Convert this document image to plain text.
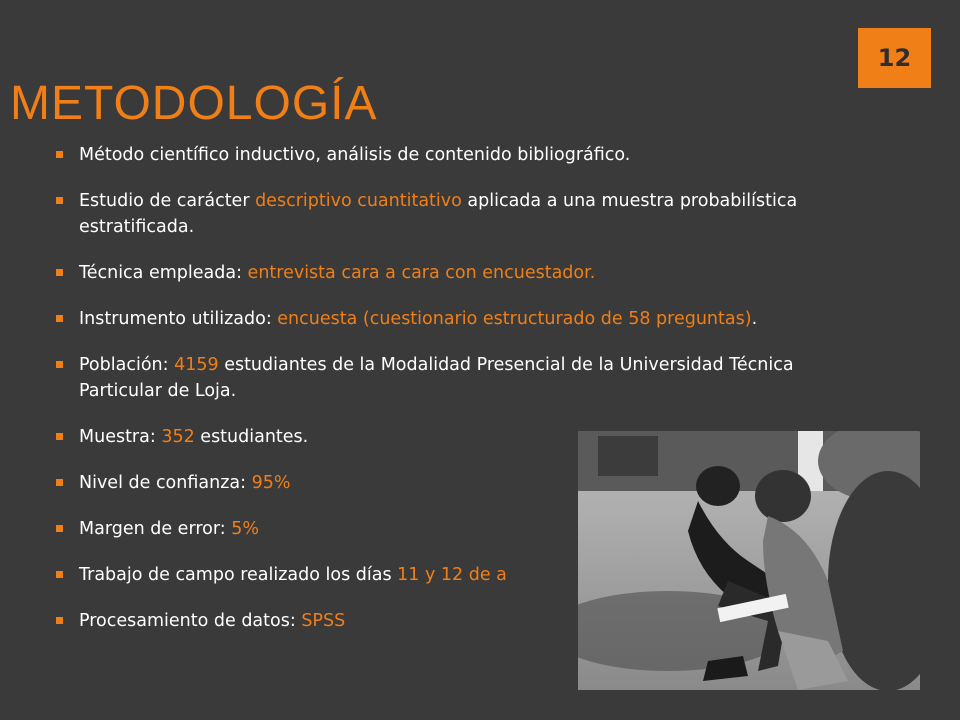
12
METODOLOGÍA
Método científico inductivo, análisis de contenido bibliográfico.
Estudio de carácter descriptivo cuantitativo aplicada a una muestra probabilística estratificada.
Técnica empleada: entrevista cara a cara con encuestador.
Instrumento utilizado: encuesta (cuestionario estructurado de 58 preguntas).
Población: 4159 estudiantes de la Modalidad Presencial de la Universidad Técnica Particular de Loja.
Muestra: 352 estudiantes.
Nivel de confianza: 95%
Margen de error: 5%
Trabajo de campo realizado los días 11 y 12 de a
Procesamiento de datos: SPSS
